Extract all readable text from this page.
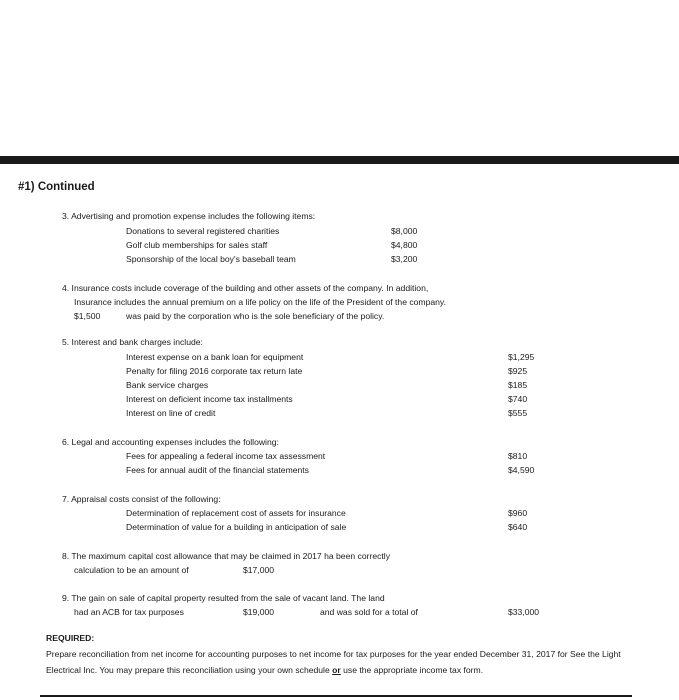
#1) Continued
3. Advertising and promotion expense includes the following items:
Donations to several registered charities	$8,000
Golf club memberships for sales staff	$4,800
Sponsorship of the local boy's baseball team	$3,200
4. Insurance costs include coverage of the building and other assets of the company. In addition,
Insurance includes the annual premium on a life policy on the life of the President of the company.
$1,500	was paid by the corporation who is the sole beneficiary of the policy.
5. Interest and bank charges include:
Interest expense on a bank loan for equipment	$1,295
Penalty for filing 2016 corporate tax return late	$925
Bank service charges	$185
Interest on deficient income tax installments	$740
Interest on line of credit	$555
6. Legal and accounting expenses includes the following:
Fees for appealing a federal income tax assessment	$810
Fees for annual audit of the financial statements	$4,590
7. Appraisal costs consist of the following:
Determination of replacement cost of assets for insurance	$960
Determination of value for a building in anticipation of sale	$640
8. The maximum capital cost allowance that may be claimed in 2017 ha been correctly
calculation to be an amount of	$17,000
9. The gain on sale of capital property resulted from the sale of vacant land. The land
had an ACB for tax purposes	$19,000	and was sold for a total of	$33,000
REQUIRED:
Prepare reconciliation from net income for accounting purposes to net income for tax purposes for the year ended December 31, 2017 for See the Light Electrical Inc. You may prepare this reconciliation using your own schedule or use the appropriate income tax form.
